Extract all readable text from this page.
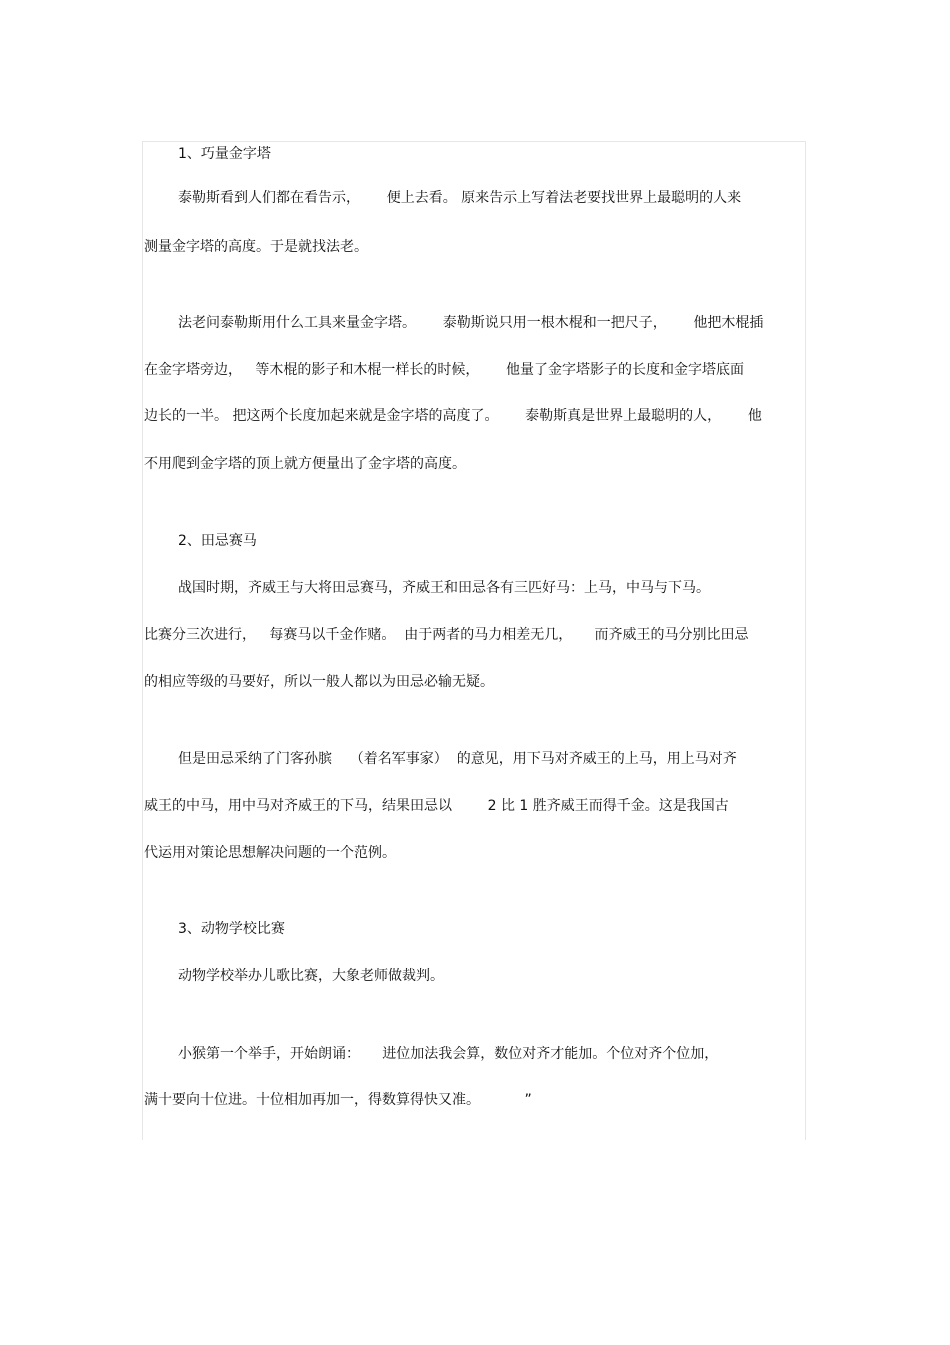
1、巧量金字塔

泰勒斯看到人们都在看告示，      便上去看。 原来告示上写着法老要找世界上最聪明的人来

测量金字塔的高度。于是就找法老。

法老问泰勒斯用什么工具来量金字塔。      泰勒斯说只用一根木棍和一把尺子，      他把木棍插

在金字塔旁边，   等木棍的影子和木棍一样长的时候，      他量了金字塔影子的长度和金字塔底面

边长的一半。 把这两个长度加起来就是金字塔的高度了。      泰勒斯真是世界上最聪明的人，      他

不用爬到金字塔的顶上就方便量出了金字塔的高度。

2、田忌赛马

战国时期，齐威王与大将田忌赛马，齐威王和田忌各有三匹好马：上马，中马与下马。

比赛分三次进行，   每赛马以千金作赌。  由于两者的马力相差无几，     而齐威王的马分别比田忌

的相应等级的马要好，所以一般人都以为田忌必输无疑。

但是田忌采纳了门客孙膑    （着名军事家）  的意见，用下马对齐威王的上马，用上马对齐

威王的中马，用中马对齐威王的下马，结果田忌以        2 比 1 胜齐威王而得千金。这是我国古

代运用对策论思想解决问题的一个范例。

3、动物学校比赛

动物学校举办儿歌比赛，大象老师做裁判。

小猴第一个举手，开始朗诵：     进位加法我会算，数位对齐才能加。个位对齐个位加，

满十要向十位进。十位相加再加一，得数算得快又准。          ”
